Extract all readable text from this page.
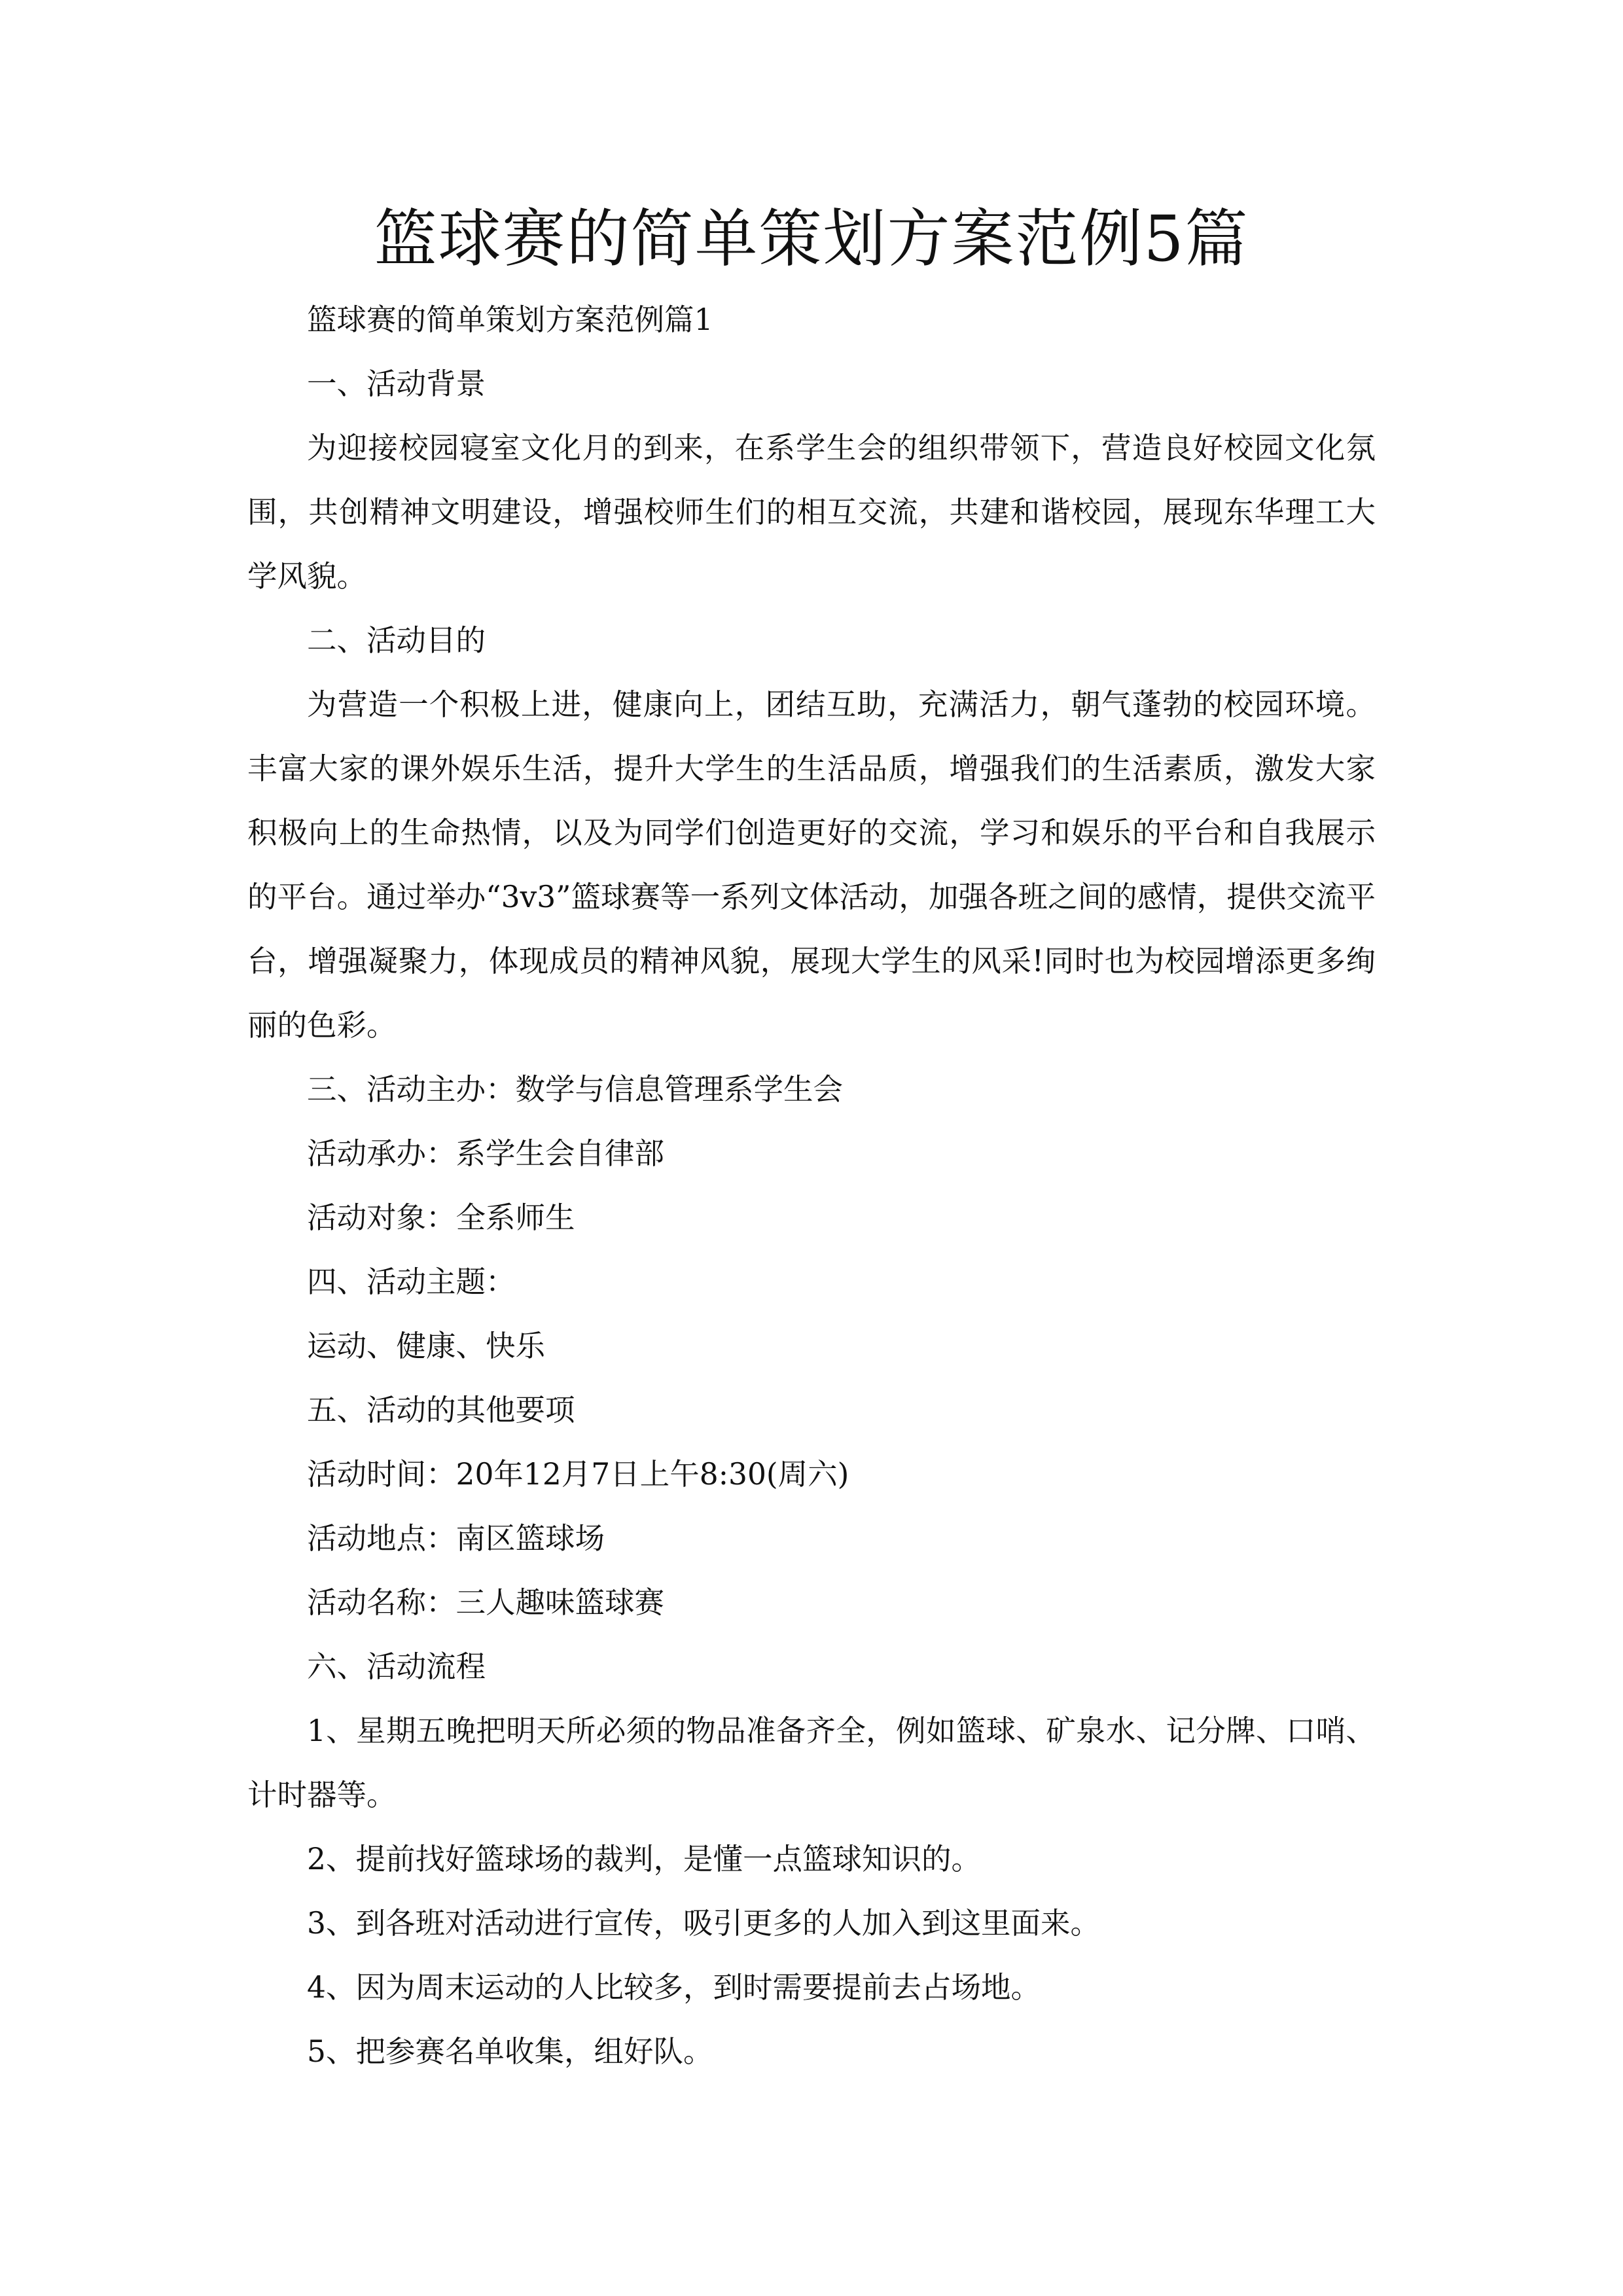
篮球赛的简单策划方案范例5篇

篮球赛的简单策划方案范例篇1

一、活动背景

为迎接校园寝室文化月的到来，在系学生会的组织带领下，营造良好校园文化氛围，共创精神文明建设，增强校师生们的相互交流，共建和谐校园，展现东华理工大学风貌。

二、活动目的

为营造一个积极上进，健康向上，团结互助，充满活力，朝气蓬勃的校园环境。丰富大家的课外娱乐生活，提升大学生的生活品质，增强我们的生活素质，激发大家积极向上的生命热情，以及为同学们创造更好的交流，学习和娱乐的平台和自我展示的平台。通过举办“3v3”篮球赛等一系列文体活动，加强各班之间的感情，提供交流平台，增强凝聚力，体现成员的精神风貌，展现大学生的风采!同时也为校园增添更多绚丽的色彩。

三、活动主办：数学与信息管理系学生会

活动承办：系学生会自律部

活动对象：全系师生

四、活动主题：

运动、健康、快乐

五、活动的其他要项

活动时间：20年12月7日上午8:30(周六)

活动地点：南区篮球场

活动名称：三人趣味篮球赛

六、活动流程

1、星期五晚把明天所必须的物品准备齐全，例如篮球、矿泉水、记分牌、口哨、计时器等。

2、提前找好篮球场的裁判，是懂一点篮球知识的。

3、到各班对活动进行宣传，吸引更多的人加入到这里面来。

4、因为周末运动的人比较多，到时需要提前去占场地。

5、把参赛名单收集，组好队。
